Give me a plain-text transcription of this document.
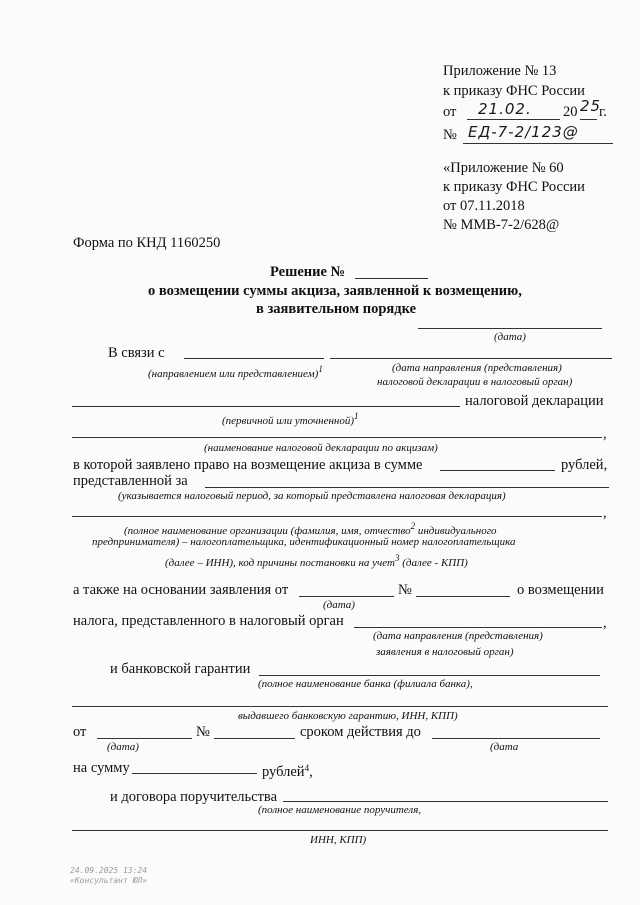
Приложение № 13
к приказу ФНС России
от 21.02. 20 25
г.
№ ЕД-7-2/123@
«Приложение № 60
к приказу ФНС России
от 07.11.2018
№ ММВ-7-2/628@
Форма по КНД 1160250
Решение №
о возмещении суммы акциза, заявленной к возмещению,
в заявительном порядке
(дата)
В связи с
(направлением или представлением)$^1$	(дата направления (представления)
налоговой декларации в налоговый орган)
налоговой декларации
(первичной или уточненной)$^1$
,
(наименование налоговой декларации по акцизам)
в которой заявлено право на возмещение акциза в сумме	рублей,
представленной за
(указывается налоговый период, за который представлена налоговая декларация)
,
(полное наименование организации (фамилия, имя, отчество$^2$ индивидуального
предпринимателя) – налогоплательщика, идентификационный номер налогоплательщика
(далее – ИНН), код причины постановки на учет$^3$ (далее - КПП)
а также на основании заявления от	№	о возмещении
(дата)
налога, представленного в налоговый орган	,
(дата направления (представления)
заявления в налоговый орган)
и банковской гарантии
(полное наименование банка (филиала банка),
выдавшего банковскую гарантию, ИНН, КПП)
от	№	сроком действия до
(дата)	(дата
на сумму	рублей$^4$,
и договора поручительства
(полное наименование поручителя,
ИНН, КПП)
24.09.2025 13:24
«Консультант ЮЛ»
